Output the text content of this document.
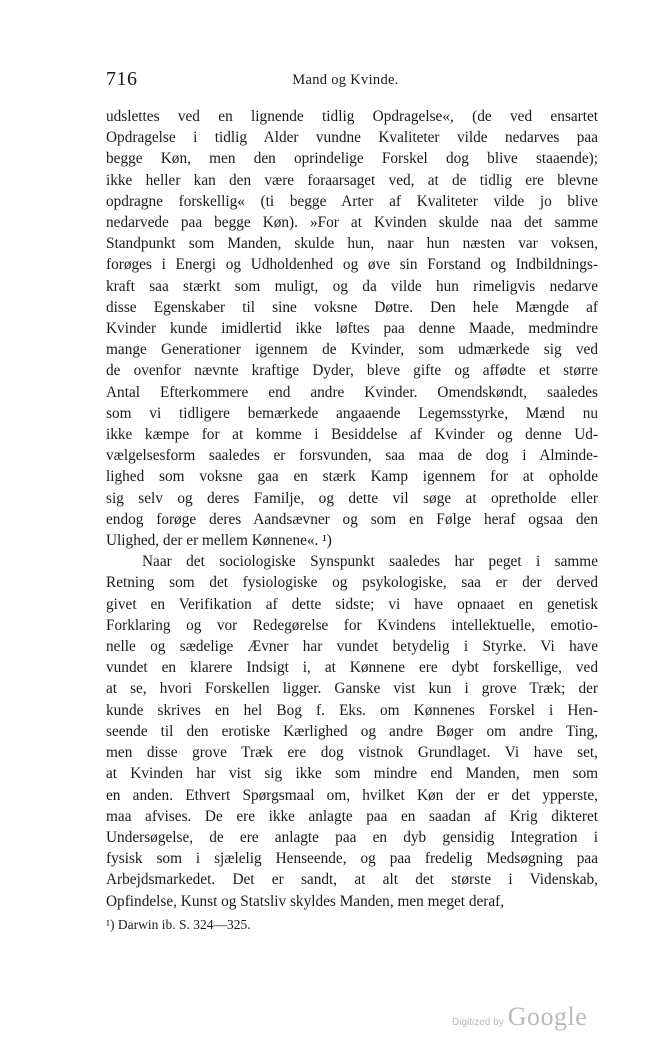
716	Mand og Kvinde.

udslettes ved en lignende tidlig Opdragelse«, (de ved ensartet

Opdragelse i tidlig Alder vundne Kvaliteter vilde nedarves paa

begge Køn, men den oprindelige Forskel dog blive staaende);

ikke heller kan den være foraarsaget ved, at de tidlig ere blevne

opdragne forskellig« (ti begge Arter af Kvaliteter vilde jo blive

nedarvede paa begge Køn). »For at Kvinden skulde naa det samme

Standpunkt som Manden, skulde hun, naar hun næsten var voksen,

forøges i Energi og Udholdenhed og øve sin Forstand og Indbildnings-

kraft saa stærkt som muligt, og da vilde hun rimeligvis nedarve

disse Egenskaber til sine voksne Døtre. Den hele Mængde af

Kvinder kunde imidlertid ikke løftes paa denne Maade, medmindre

mange Generationer igennem de Kvinder, som udmærkede sig ved

de ovenfor nævnte kraftige Dyder, bleve gifte og affødte et større

Antal Efterkommere end andre Kvinder. Omendskøndt, saaledes

som vi tidligere bemærkede angaaende Legemsstyrke, Mænd nu

ikke kæmpe for at komme i Besiddelse af Kvinder og denne Ud-

vælgelsesform saaledes er forsvunden, saa maa de dog i Alminde-

lighed som voksne gaa en stærk Kamp igennem for at opholde

sig selv og deres Familje, og dette vil søge at opretholde eller

endog forøge deres Aandsævner og som en Følge heraf ogsaa den

Ulighed, der er mellem Kønnene«. ¹)

Naar det sociologiske Synspunkt saaledes har peget i samme

Retning som det fysiologiske og psykologiske, saa er der derved

givet en Verifikation af dette sidste; vi have opnaaet en genetisk

Forklaring og vor Redegørelse for Kvindens intellektuelle, emotio-

nelle og sædelige Ævner har vundet betydelig i Styrke. Vi have

vundet en klarere Indsigt i, at Kønnene ere dybt forskellige, ved

at se, hvori Forskellen ligger. Ganske vist kun i grove Træk; der

kunde skrives en hel Bog f. Eks. om Kønnenes Forskel i Hen-

seende til den erotiske Kærlighed og andre Bøger om andre Ting,

men disse grove Træk ere dog vistnok Grundlaget. Vi have set,

at Kvinden har vist sig ikke som mindre end Manden, men som

en anden. Ethvert Spørgsmaal om, hvilket Køn der er det ypperste,

maa afvises. De ere ikke anlagte paa en saadan af Krig dikteret

Undersøgelse, de ere anlagte paa en dyb gensidig Integration i

fysisk som i sjælelig Henseende, og paa fredelig Medsøgning paa

Arbejdsmarkedet. Det er sandt, at alt det største i Videnskab,

Opfindelse, Kunst og Statsliv skyldes Manden, men meget deraf,

¹) Darwin ib. S. 324—325.
Digitized by Google
